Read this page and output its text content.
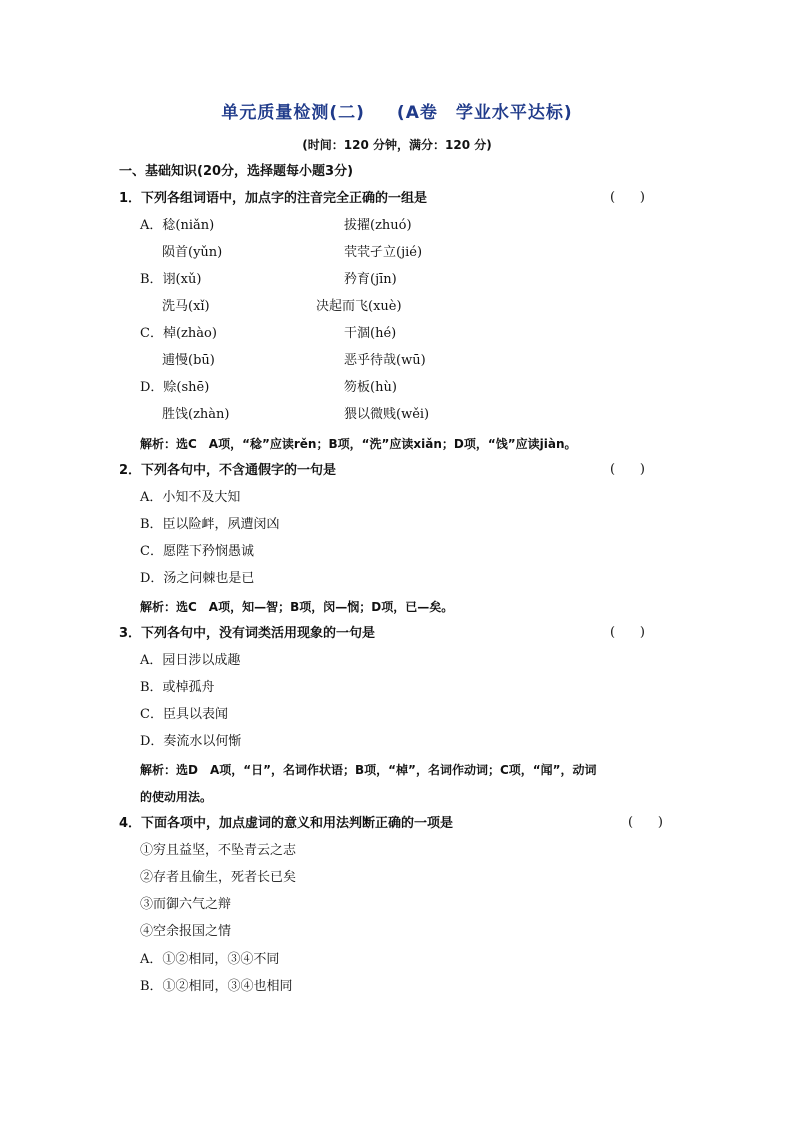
单元质量检测(二) (A卷　学业水平达标)
(时间：120 分钟，满分：120 分)
一、基础知识(20分，选择题每小题3分)
1．下列各组词语中，加点字的注音完全正确的一组是	(      )
A．稔(niǎn)	拔擢(zhuó)
陨首(yǔn)	茕茕孑立(jié)
B．诩(xǔ)	矜育(jīn)
洗马(xǐ)	决起而飞(xuè)
C．棹(zhào)	干涸(hé)
逋慢(bū)	恶乎待哉(wū)
D．赊(shē)	笏板(hù)
胜饯(zhàn)	猥以微贱(wěi)
解析：选C　A项，“稔”应读rěn；B项，“洗”应读xiǎn；D项，“饯”应读jiàn。
2．下列各句中，不含通假字的一句是	(      )
A．小知不及大知
B．臣以险衅，夙遭闵凶
C．愿陛下矜悯愚诚
D．汤之问棘也是已
解析：选C　A项，知—智；B项，闵—悯；D项，已—矣。
3．下列各句中，没有词类活用现象的一句是	(      )
A．园日涉以成趣
B．或棹孤舟
C．臣具以表闻
D．奏流水以何惭
解析：选D　A项，“日”，名词作状语；B项，“棹”，名词作动词；C项，“闻”，动词
的使动用法。
4．下面各项中，加点虚词的意义和用法判断正确的一项是	(      )
①穷且益坚，不坠青云之志
②存者且偷生，死者长已矣
③而御六气之辩
④空余报国之情
A．①②相同，③④不同
B．①②相同，③④也相同
